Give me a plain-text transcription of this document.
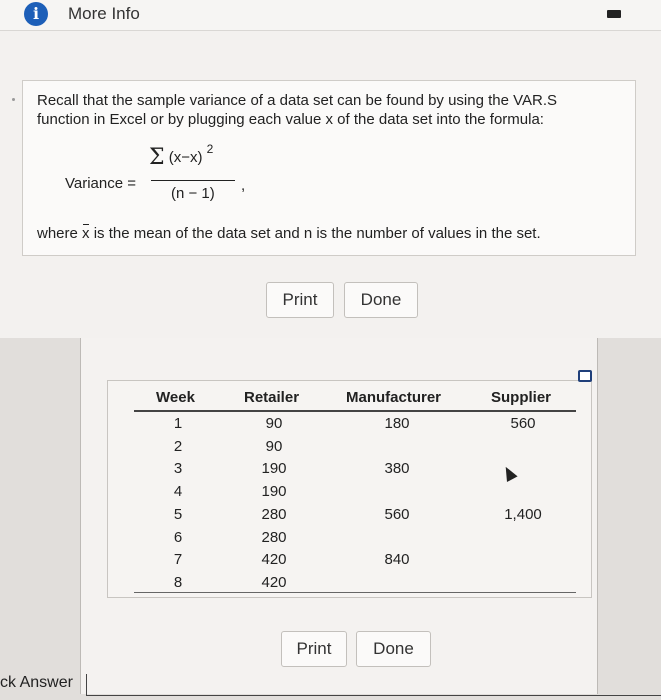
i	More Info
Recall that the sample variance of a data set can be found by using the VAR.S
function in Excel or by plugging each value x of the data set into the formula:
Variance =
Σ (x−x) $^2$
(n − 1) ,
where x is the mean of the data set and n is the number of values in the set.
Print	Done
Week	Retailer	Manufacturer	Supplier
1	90	180	560
2	90
3	190	380
4	190
5	280	560	1,400
6	280
7	420	840
8	420
Print	Done
ck Answer
